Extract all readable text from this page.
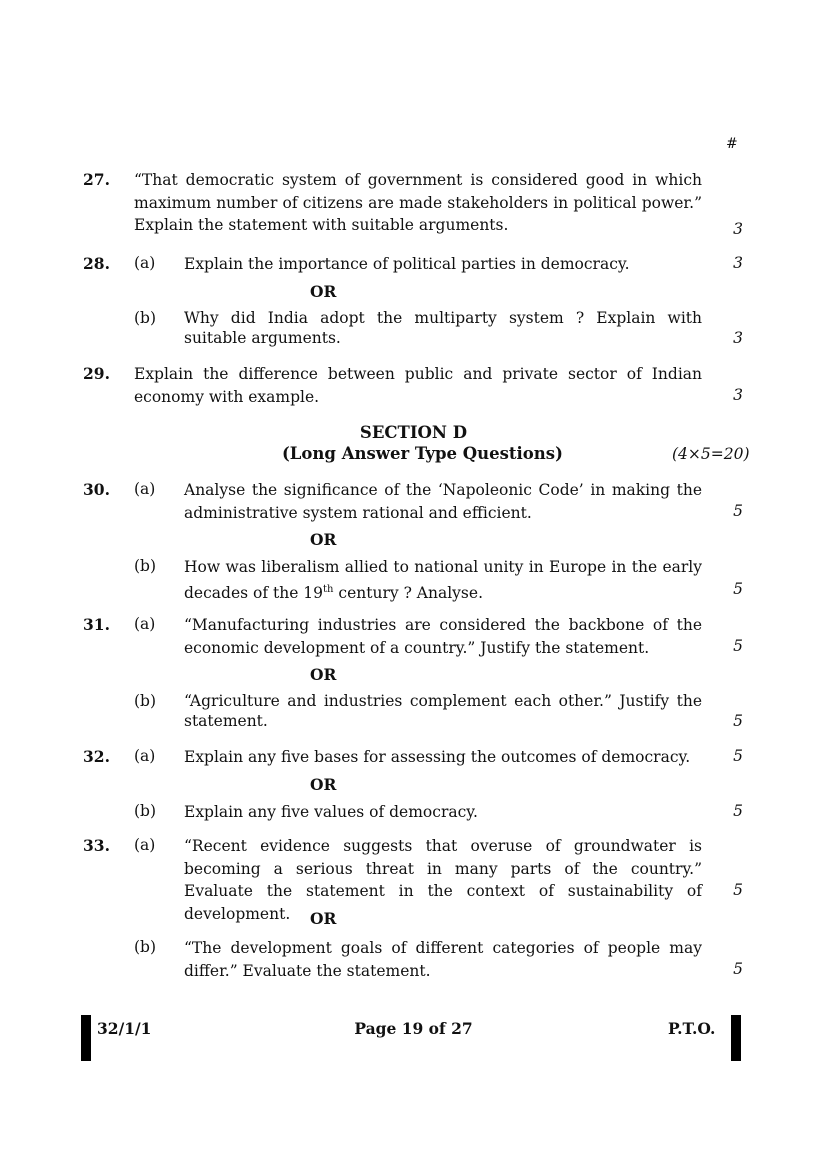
#
27. “That democratic system of government is considered good in which maximum number of citizens are made stakeholders in political power.” Explain the statement with suitable arguments.	3
28. (a) Explain the importance of political parties in democracy.	3
OR
(b) Why did India adopt the multiparty system ? Explain with suitable arguments.	3
29. Explain the difference between public and private sector of Indian economy with example.	3
SECTION D
(Long Answer Type Questions)	(4×5=20)
30. (a) Analyse the significance of the ‘Napoleonic Code’ in making the administrative system rational and efficient.	5
OR
(b) How was liberalism allied to national unity in Europe in the early decades of the 19th century ? Analyse.	5
31. (a) “Manufacturing industries are considered the backbone of the economic development of a country.” Justify the statement.	5
OR
(b) “Agriculture and industries complement each other.” Justify the statement.	5
32. (a) Explain any five bases for assessing the outcomes of democracy.	5
OR
(b) Explain any five values of democracy.	5
33. (a) “Recent evidence suggests that overuse of groundwater is becoming a serious threat in many parts of the country.” Evaluate the statement in the context of sustainability of development.
5
OR
(b) “The development goals of different categories of people may differ.” Evaluate the statement.	5
32/1/1	Page 19 of 27	P.T.O.
